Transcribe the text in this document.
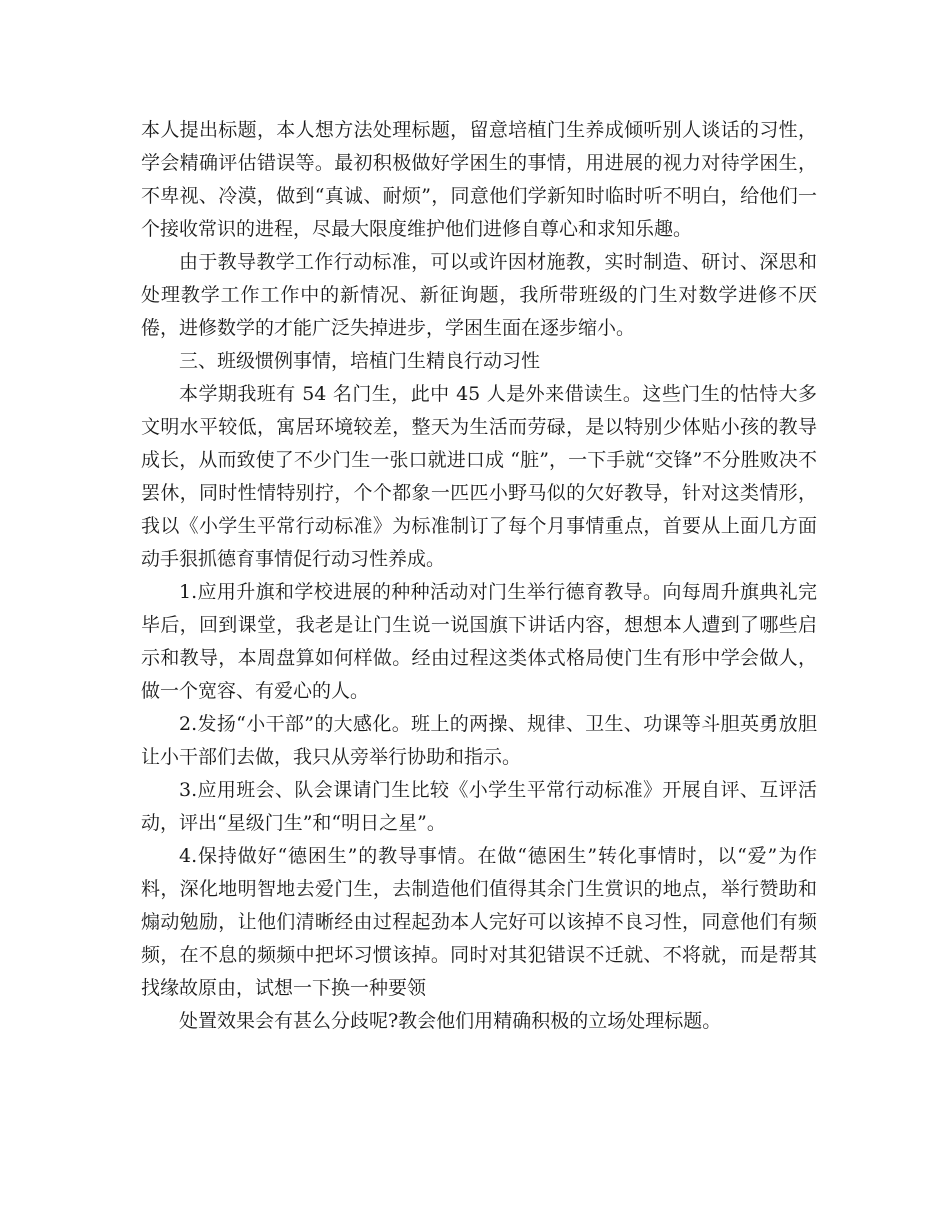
本人提出标题，本人想方法处理标题，留意培植门生养成倾听别人谈话的习性，学会精确评估错误等。最初积极做好学困生的事情，用进展的视力对待学困生，不卑视、冷漠，做到“真诚、耐烦”，同意他们学新知时临时听不明白，给他们一个接收常识的进程，尽最大限度维护他们进修自尊心和求知乐趣。

由于教导教学工作行动标准，可以或许因材施教，实时制造、研讨、深思和处理教学工作工作中的新情况、新征询题，我所带班级的门生对数学进修不厌倦，进修数学的才能广泛失掉进步，学困生面在逐步缩小。

三、班级惯例事情，培植门生精良行动习性

本学期我班有 54 名门生，此中 45 人是外来借读生。这些门生的怙恃大多文明水平较低，寓居环境较差，整天为生活而劳碌，是以特别少体贴小孩的教导成长，从而致使了不少门生一张口就进口成 “脏”，一下手就“交锋”不分胜败决不罢休，同时性情特别拧，个个都象一匹匹小野马似的欠好教导，针对这类情形，我以《小学生平常行动标准》为标准制订了每个月事情重点，首要从上面几方面动手狠抓德育事情促行动习性养成。

1.应用升旗和学校进展的种种活动对门生举行德育教导。向每周升旗典礼完毕后，回到课堂，我老是让门生说一说国旗下讲话内容，想想本人遭到了哪些启示和教导，本周盘算如何样做。经由过程这类体式格局使门生有形中学会做人，做一个宽容、有爱心的人。

2.发扬“小干部”的大感化。班上的两操、规律、卫生、功课等斗胆英勇放胆让小干部们去做，我只从旁举行协助和指示。

3.应用班会、队会课请门生比较《小学生平常行动标准》开展自评、互评活动，评出“星级门生”和“明日之星”。

4.保持做好“德困生”的教导事情。在做“德困生”转化事情时，以“爱”为作料，深化地明智地去爱门生，去制造他们值得其余门生赏识的地点，举行赞助和煽动勉励，让他们清晰经由过程起劲本人完好可以该掉不良习性，同意他们有频频，在不息的频频中把坏习惯该掉。同时对其犯错误不迁就、不将就，而是帮其找缘故原由，试想一下换一种要领

处置效果会有甚么分歧呢?教会他们用精确积极的立场处理标题。
